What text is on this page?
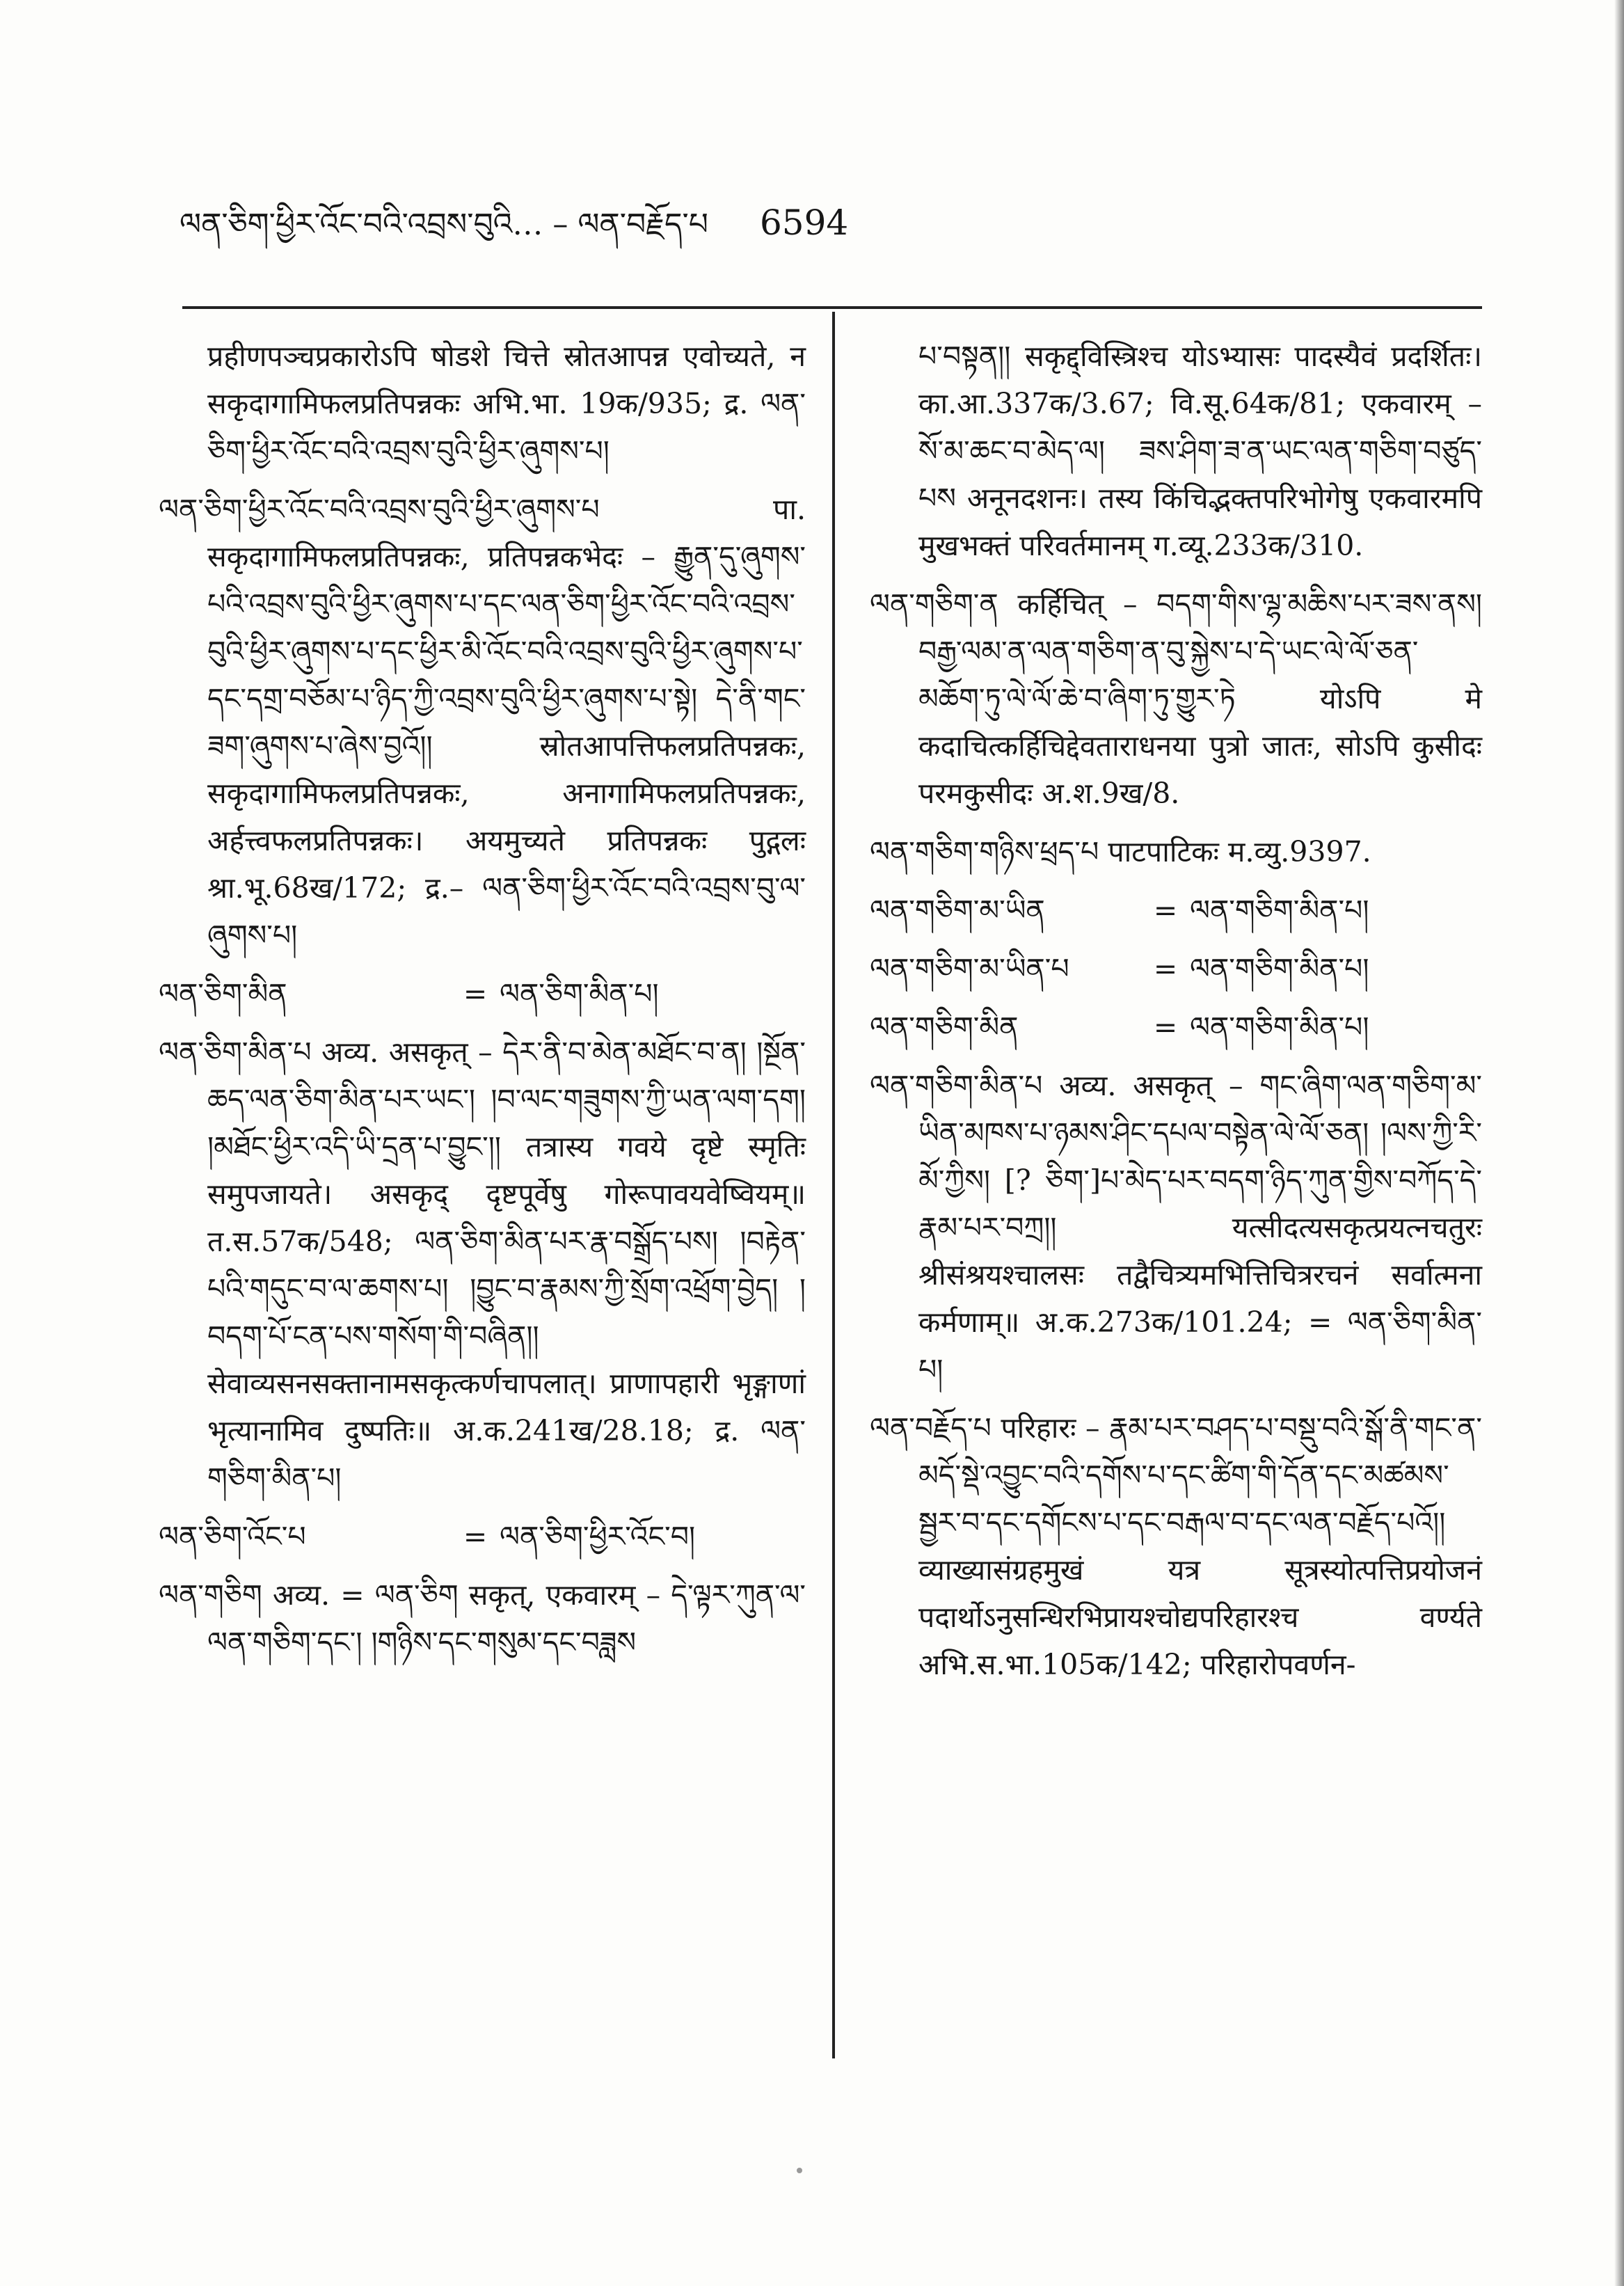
ལན་ཅིག་ཕྱིར་འོང་བའི་འབྲས་བུའི… – ལན་བརྗོད་པ 6594

प्रहीणपञ्चप्रकारोऽपि षोडशे चित्ते स्रोतआपन्न एवोच्यते, न सकृदागामिफलप्रतिपन्नकः अभि.भा. 19क/935; द्र. ལན་ཅིག་ཕྱིར་འོང་བའི་འབྲས་བུའི་ཕྱིར་ཞུགས་པ།

ལན་ཅིག་ཕྱིར་འོང་བའི་འབྲས་བུའི་ཕྱིར་ཞུགས་པ	पा. सकृदागामिफलप्रतिपन्नकः, प्रतिपन्नकभेदः – རྒྱུན་དུ་ཞུགས་པའི་འབྲས་བུའི་ཕྱིར་ཞུགས་པ་དང་ལན་ཅིག་ཕྱིར་འོང་བའི་འབྲས་བུའི་ཕྱིར་ཞུགས་པ་དང་ཕྱིར་མི་འོང་བའི་འབྲས་བུའི་ཕྱིར་ཞུགས་པ་དང་དགྲ་བཅོམ་པ་ཉིད་ཀྱི་འབྲས་བུའི་ཕྱིར་ཞུགས་པ་སྟེ། དེ་ནི་གང་ཟག་ཞུགས་པ་ཞེས་བྱའོ།། स्रोतआपत्तिफलप्रतिपन्नकः, सकृदागामिफलप्रतिपन्नकः, अनागामिफलप्रतिपन्नकः, अर्हत्त्वफलप्रतिपन्नकः। अयमुच्यते प्रतिपन्नकः पुद्गलः श्रा.भू.68ख/172; द्र.– ལན་ཅིག་ཕྱིར་འོང་བའི་འབྲས་བུ་ལ་ཞུགས་པ།

ལན་ཅིག་མིན	= ལན་ཅིག་མིན་པ།

ལན་ཅིག་མིན་པ अव्य. असकृत् – དེར་ནི་བ་མེན་མཐོང་བ་ན། །སྔོན་ཆད་ལན་ཅིག་མིན་པར་ཡང་། །བ་ལང་གཟུགས་ཀྱི་ཡན་ལག་དག། །མཐོང་ཕྱིར་འདི་ཡི་དྲན་པ་བྱུང་།། तत्रास्य गवये दृष्टे स्मृतिः समुपजायते। असकृद् दृष्टपूर्वेषु गोरूपावयवेष्वियम्॥ त.स.57क/548; ལན་ཅིག་མིན་པར་རྣ་བསྒྲོད་པས། །བརྟེན་པའི་གདུང་བ་ལ་ཆགས་པ། །བྱུང་བ་རྣམས་ཀྱི་སྲོག་འཕྲོག་བྱེད། །བདག་པོ་ངན་པས་གསོག་གི་བཞིན།། सेवाव्यसनसक्तानामसकृत्कर्णचापलात्। प्राणापहारी भृङ्गाणां भृत्यानामिव दुष्पतिः॥ अ.क.241ख/28.18; द्र. ལན་གཅིག་མིན་པ།

ལན་ཅིག་འོང་པ	= ལན་ཅིག་ཕྱིར་འོང་བ།

ལན་གཅིག अव्य. = ལན་ཅིག सकृत्, एकवारम् – དེ་ལྟར་ཀུན་ལ་ལན་གཅིག་དང་། །གཉིས་དང་གསུམ་དང་བཟླས

པ་བསྟན།། सकृद्द्विस्त्रिश्च योऽभ्यासः पादस्यैवं प्रदर्शितः। का.आ.337क/3.67; वि.सू.64क/81; एकवारम् – སོ་མ་ཆང་བ་མེད་ལ། ཟས་ཤིག་ཟ་ན་ཡང་ལན་གཅིག་བཙུད་པས अनूनदशनः। तस्य किंचिद्भक्तपरिभोगेषु एकवारमपि मुखभक्तं परिवर्तमानम् ग.व्यू.233क/310.

ལན་གཅིག་ན कर्हिचित् – བདག་གིས་ལྷ་མཆིས་པར་ཟས་ནས། བརྒྱ་ལམ་ན་ལན་གཅིག་ན་བུ་སྐྱེས་པ་དེ་ཡང་ལེ་ལོ་ཅན་མཆོག་ཏུ་ལེ་ལོ་ཆེ་བ་ཞིག་ཏུ་གྱུར་ཏེ योऽपि मे कदाचित्कर्हिचिद्देवताराधनया पुत्रो जातः, सोऽपि कुसीदः परमकुसीदः अ.श.9ख/8.

ལན་གཅིག་གཉིས་ཕྲད་པ पाटपाटिकः म.व्यु.9397.

ལན་གཅིག་མ་ཡིན	= ལན་གཅིག་མིན་པ།
ལན་གཅིག་མ་ཡིན་པ	= ལན་གཅིག་མིན་པ།
ལན་གཅིག་མིན	= ལན་གཅིག་མིན་པ།

ལན་གཅིག་མིན་པ अव्य. असकृत् – གང་ཞིག་ལན་གཅིག་མ་ཡིན་མཁས་པ་ཉམས་ཤིང་དཔལ་བསྟེན་ལེ་ལོ་ཅན། །ལས་ཀྱི་རི་མོ་ཀྱིས། [? ཅིག་]པ་མེད་པར་བདག་ཉིད་ཀུན་གྱིས་བཀོད་དེ་རྣམ་པར་བཀྲ།། यत्सीदत्यसकृत्प्रयत्नचतुरः श्रीसंश्रयश्चालसः तद्वैचित्र्यमभित्तिचित्ररचनं सर्वात्मना कर्मणाम्॥ अ.क.273क/101.24; = ལན་ཅིག་མིན་པ།

ལན་བརྗོད་པ परिहारः – རྣམ་པར་བཤད་པ་བསྡུ་བའི་སྒོ་ནི་གང་ན་མདོ་སྡེ་འབྱུང་བའི་དགོས་པ་དང་ཚིག་གི་དོན་དང་མཚམས་སྦྱར་བ་དང་དགོངས་པ་དང་བརྒལ་བ་དང་ལན་བརྗོད་པའོ།། व्याख्यासंग्रहमुखं यत्र सूत्रस्योत्पत्तिप्रयोजनं पदार्थोऽनुसन्धिरभिप्रायश्चोद्यपरिहारश्च वर्ण्यते अभि.स.भा.105क/142; परिहारोपवर्णन-
